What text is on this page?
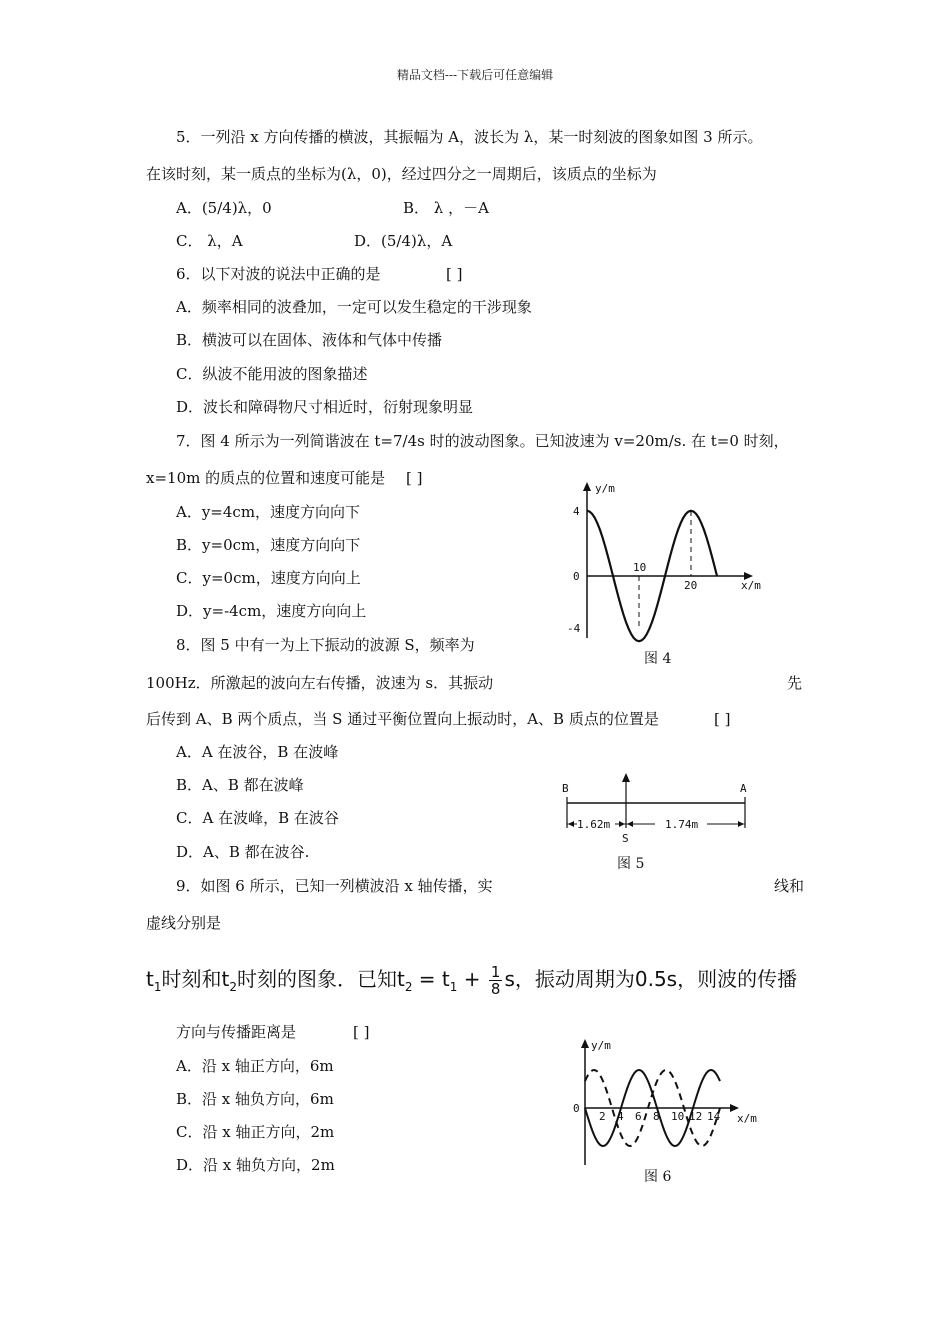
精品文档---下载后可任意编辑
5．一列沿 x 方向传播的横波，其振幅为 A，波长为 λ，某一时刻波的图象如图 3 所示。
在该时刻，某一质点的坐标为(λ，0)，经过四分之一周期后，该质点的坐标为
A．(5/4)λ，0	B． λ ，－A
C． λ，A	D．(5/4)λ，A
6．以下对波的说法中正确的是	[ ]
A．频率相同的波叠加，一定可以发生稳定的干涉现象
B．横波可以在固体、液体和气体中传播
C．纵波不能用波的图象描述
D．波长和障碍物尺寸相近时，衍射现象明显
7．图 4 所示为一列简谐波在 t=7/4s 时的波动图象。已知波速为 v=20m/s. 在 t=0 时刻，
x=10m 的质点的位置和速度可能是 [ ]
A．y=4cm，速度方向向下
B．y=0cm，速度方向向下
C．y=0cm，速度方向向上
D．y=-4cm，速度方向向上
y/m
x/m
4
0
-4
10
20
图 4
8．图 5 中有一为上下振动的波源 S，频率为
100Hz．所激起的波向左右传播，波速为 s．其振动	先
后传到 A、B 两个质点，当 S 通过平衡位置向上振动时，A、B 质点的位置是	[ ]
A．A 在波谷，B 在波峰
B．A、B 都在波峰
C．A 在波峰，B 在波谷
D．A、B 都在波谷.
B	A
1.62m	1.74m
S
图 5
9．如图 6 所示，已知一列横波沿 x 轴传播，实	线和
虚线分别是
$t_1$时刻和$t_2$时刻的图象．已知$t_2 = t_1 + \frac{1}{8}$ s，振动周期为0.5s，则波的传播
方向与传播距离是	[ ]
A．沿 x 轴正方向，6m
B．沿 x 轴负方向，6m
C．沿 x 轴正方向，2m
D．沿 x 轴负方向，2m
y/m
x/m
0
2 4 6 8 10 12 14
图 6
